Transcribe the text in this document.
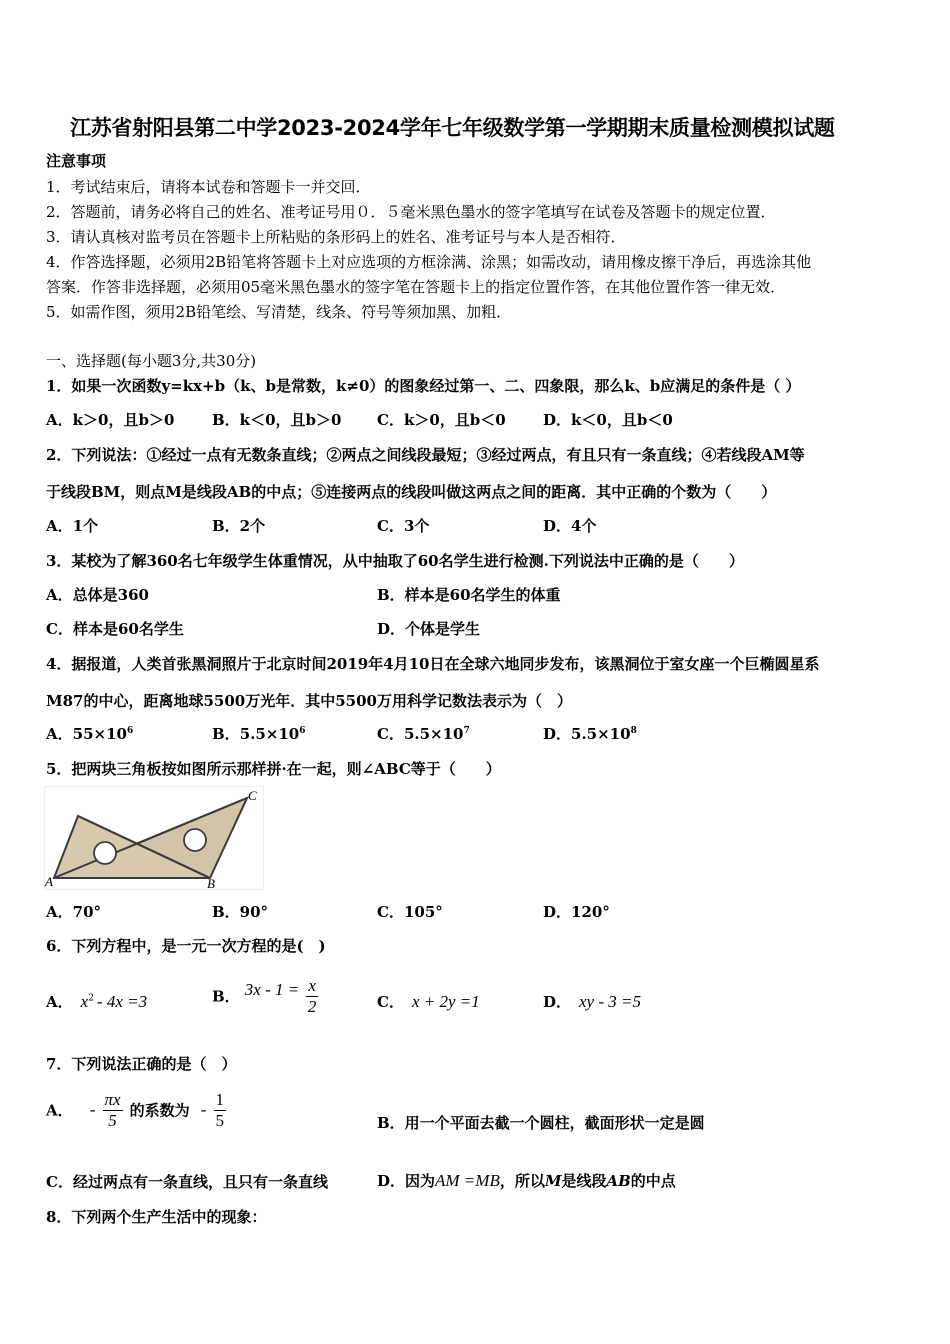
江苏省射阳县第二中学2023-2024学年七年级数学第一学期期末质量检测模拟试题
注意事项
1．考试结束后，请将本试卷和答题卡一并交回．
2．答题前，请务必将自己的姓名、准考证号用０．５毫米黑色墨水的签字笔填写在试卷及答题卡的规定位置．
3．请认真核对监考员在答题卡上所粘贴的条形码上的姓名、准考证号与本人是否相符．
4．作答选择题，必须用2B铅笔将答题卡上对应选项的方框涂满、涂黑；如需改动，请用橡皮擦干净后，再选涂其他
答案．作答非选择题，必须用05毫米黑色墨水的签字笔在答题卡上的指定位置作答，在其他位置作答一律无效．
5．如需作图，须用2B铅笔绘、写清楚，线条、符号等须加黑、加粗．
一、选择题(每小题3分,共30分)
1．如果一次函数y=kx+b（k、b是常数，k≠0）的图象经过第一、二、四象限，那么k、b应满足的条件是（ ）
A．k＞0，且b＞0	B．k＜0，且b＞0 C．k＞0，且b＜0 D．k＜0，且b＜0
2．下列说法：①经过一点有无数条直线；②两点之间线段最短；③经过两点，有且只有一条直线；④若线段AM等
于线段BM，则点M是线段AB的中点；⑤连接两点的线段叫做这两点之间的距离．其中正确的个数为（　　）
A．1个	B．2个	C．3个	D．4个
3．某校为了解360名七年级学生体重情况，从中抽取了60名学生进行检测.下列说法中正确的是（　　）
A．总体是360	B．样本是60名学生的体重
C．样本是60名学生	D．个体是学生
4．据报道，人类首张黑洞照片于北京时间2019年4月10日在全球六地同步发布，该黑洞位于室女座一个巨椭圆星系
M87的中心，距离地球5500万光年．其中5500万用科学记数法表示为（　）
A．$55\times 10^6$	B．$5.5\times 10^6$	C．$5.5\times 10^7$	D．$5.5\times 10^8$
5．把两块三角板按如图所示那样拼·在一起，则∠ABC等于（　　）
A	B
C
A．70°	B．90°	C．105°	D．120°
6．下列方程中，是一元一次方程的是(　)
A． $x^2 - 4x =3$	B． $3x - 1 = \frac{x}{2}$	C． x + 2y =1	D． xy - 3 =5
7．下列说法正确的是（　）
A． - $\frac{\pi x}{5}$ 的系数为 - $\frac{1}{5}$	B．用一个平面去截一个圆柱，截面形状一定是圆
C．经过两点有一条直线，且只有一条直线	D．因为AM =MB，所以M是线段AB的中点
8．下列两个生产生活中的现象：
